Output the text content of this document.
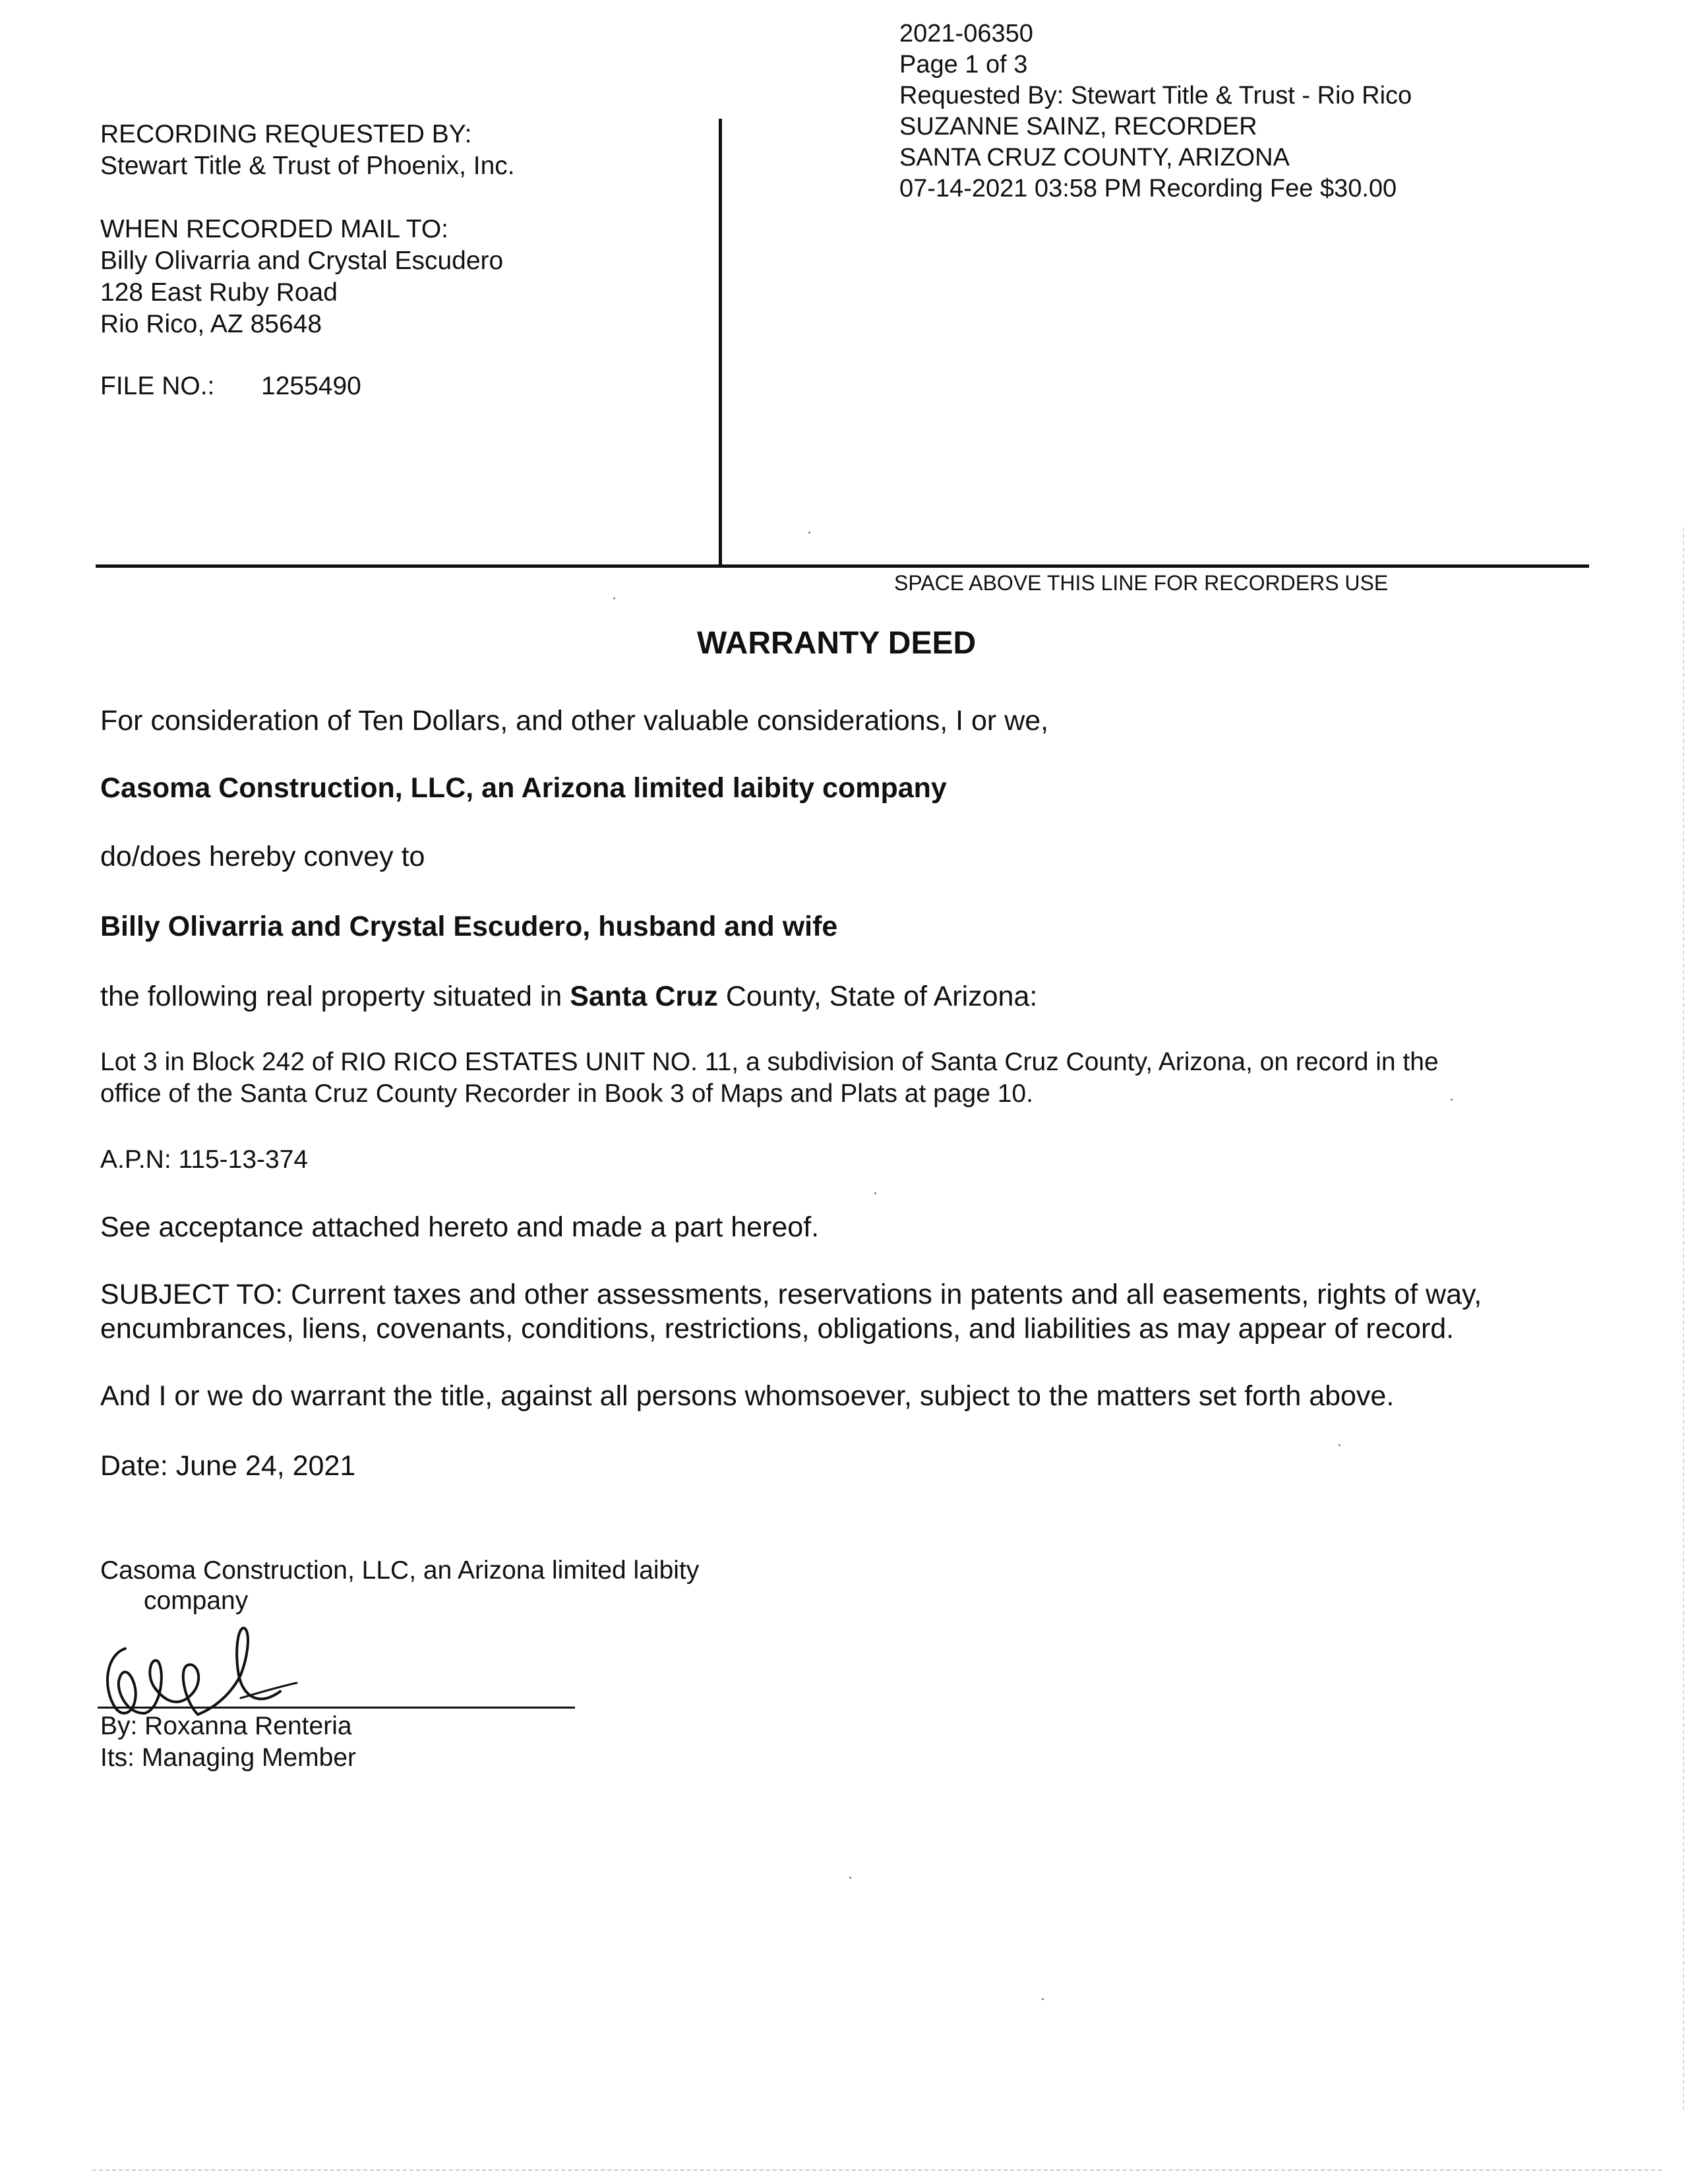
2021-06350
Page 1 of 3
Requested By: Stewart Title & Trust - Rio Rico
SUZANNE SAINZ, RECORDER
SANTA CRUZ COUNTY, ARIZONA
07-14-2021 03:58 PM Recording Fee $30.00
RECORDING REQUESTED BY:
Stewart Title & Trust of Phoenix, Inc.
WHEN RECORDED MAIL TO:
Billy Olivarria and Crystal Escudero
128 East Ruby Road
Rio Rico, AZ 85648
FILE NO.: 1255490
SPACE ABOVE THIS LINE FOR RECORDERS USE
WARRANTY DEED
For consideration of Ten Dollars, and other valuable considerations, I or we,
Casoma Construction, LLC, an Arizona limited laibity company
do/does hereby convey to
Billy Olivarria and Crystal Escudero, husband and wife
the following real property situated in Santa Cruz County, State of Arizona:
Lot 3 in Block 242 of RIO RICO ESTATES UNIT NO. 11, a subdivision of Santa Cruz County, Arizona, on record in the
office of the Santa Cruz County Recorder in Book 3 of Maps and Plats at page 10.
A.P.N: 115-13-374
See acceptance attached hereto and made a part hereof.
SUBJECT TO: Current taxes and other assessments, reservations in patents and all easements, rights of way,
encumbrances, liens, covenants, conditions, restrictions, obligations, and liabilities as may appear of record.
And I or we do warrant the title, against all persons whomsoever, subject to the matters set forth above.
Date: June 24, 2021
Casoma Construction, LLC, an Arizona limited laibity
company
By: Roxanna Renteria
Its: Managing Member
